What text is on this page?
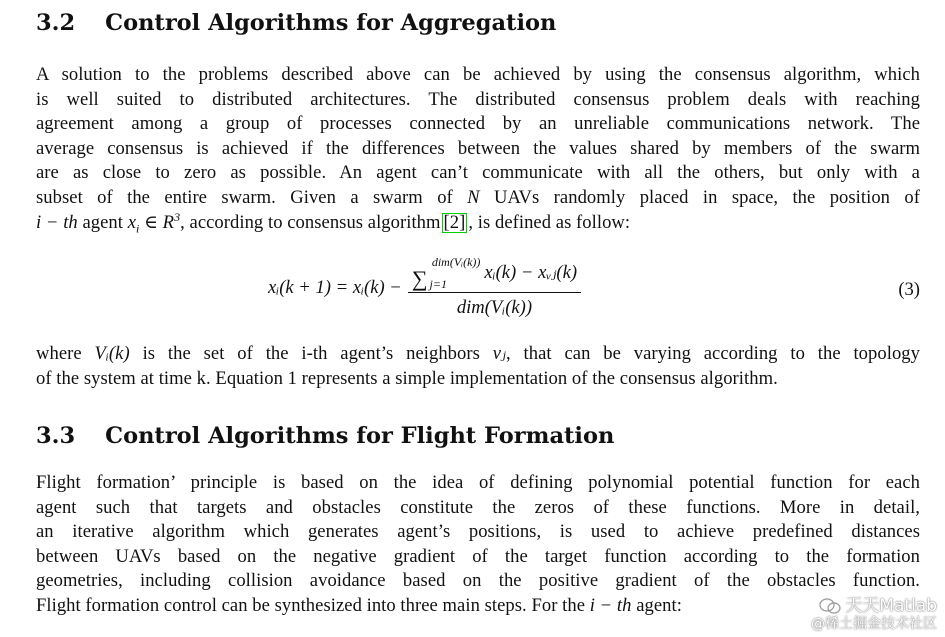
3.2 Control Algorithms for Aggregation
A solution to the problems described above can be achieved by using the consensus algorithm, which
is well suited to distributed architectures. The distributed consensus problem deals with reaching
agreement among a group of processes connected by an unreliable communications network. The
average consensus is achieved if the differences between the values shared by members of the swarm
are as close to zero as possible. An agent can’t communicate with all the others, but only with a
subset of the entire swarm. Given a swarm of N UAVs randomly placed in space, the position of
i − th agent $x_i$ ∈ $R^3$, according to consensus algorithm [2] , is defined as follow:
xᵢ(k + 1) = xᵢ(k) −
dim(Vᵢ(k))
∑ j=1
xᵢ(k) − xᵥⱼ(k)
dim(Vᵢ(k))
(3)
where Vᵢ(k) is the set of the i-th agent’s neighbors vⱼ, that can be varying according to the topology
of the system at time k. Equation 1 represents a simple implementation of the consensus algorithm.
3.3 Control Algorithms for Flight Formation
Flight formation’ principle is based on the idea of defining polynomial potential function for each
agent such that targets and obstacles constitute the zeros of these functions. More in detail,
an iterative algorithm which generates agent’s positions, is used to achieve predefined distances
between UAVs based on the negative gradient of the target function according to the formation
geometries, including collision avoidance based on the positive gradient of the obstacles function.
Flight formation control can be synthesized into three main steps. For the i − th agent:	天天Matlab
@稀土掘金技术社区
